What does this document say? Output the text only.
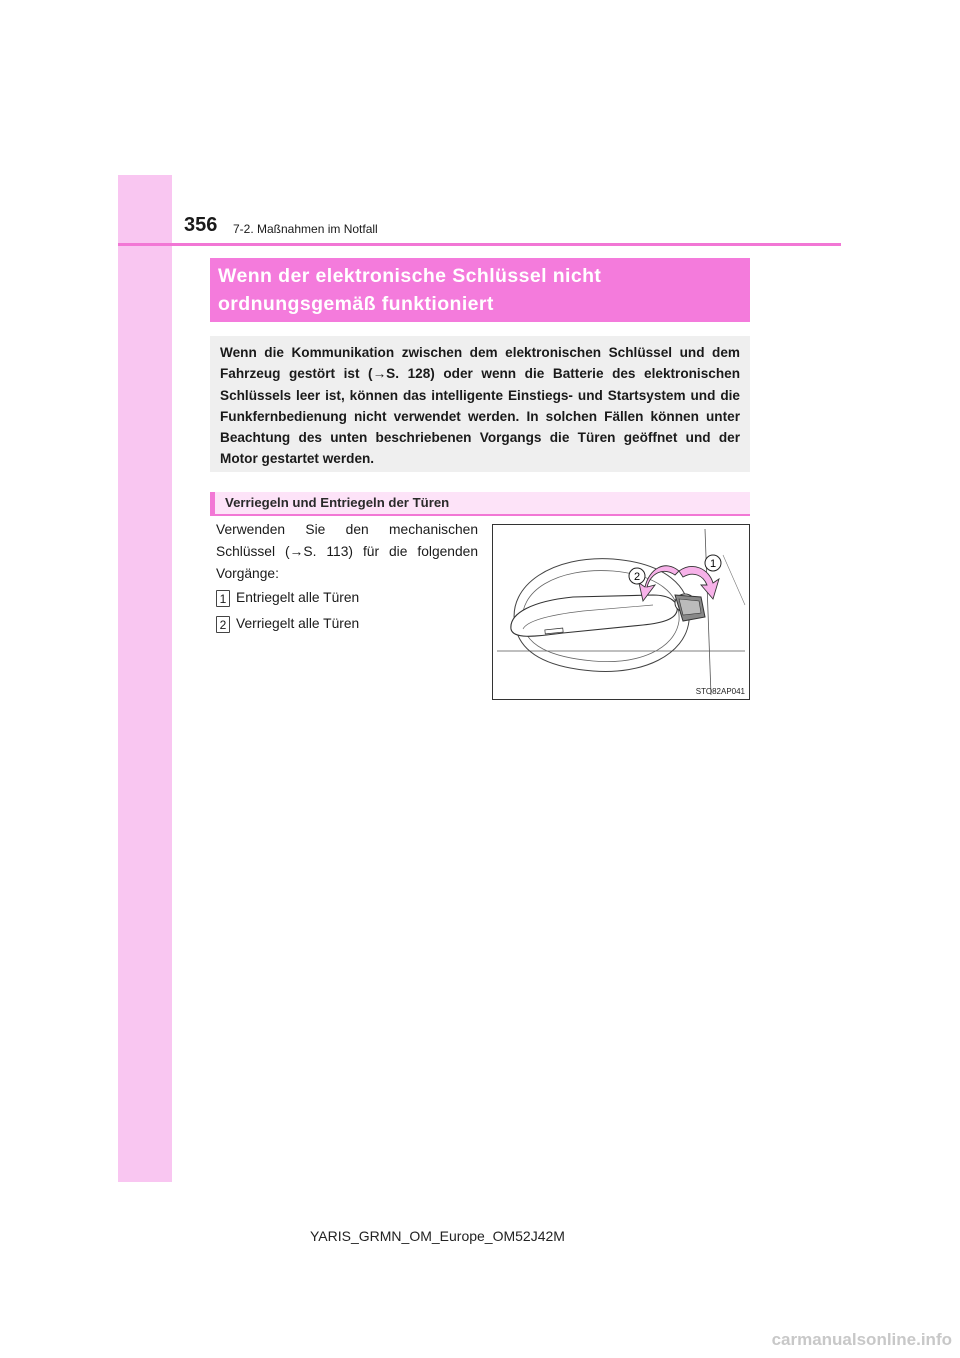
356 7-2. Maßnahmen im Notfall
Wenn der elektronische Schlüssel nicht
ordnungsgemäß funktioniert
Wenn die Kommunikation zwischen dem elektronischen Schlüssel und dem Fahrzeug gestört ist (→S. 128) oder wenn die Batterie des elektronischen Schlüssels leer ist, können das intelligente Einstiegs- und Startsystem und die Funkfernbedienung nicht verwendet werden. In solchen Fällen können unter Beachtung des unten beschriebenen Vorgangs die Türen geöffnet und der Motor gestartet werden.
Verriegeln und Entriegeln der Türen
Verwenden Sie den mechanischen Schlüssel (→S. 113) für die folgenden Vorgänge:
1 Entriegelt alle Türen
2 Verriegelt alle Türen
1
2
STO82AP041
YARIS_GRMN_OM_Europe_OM52J42M
carmanualsonline.info
